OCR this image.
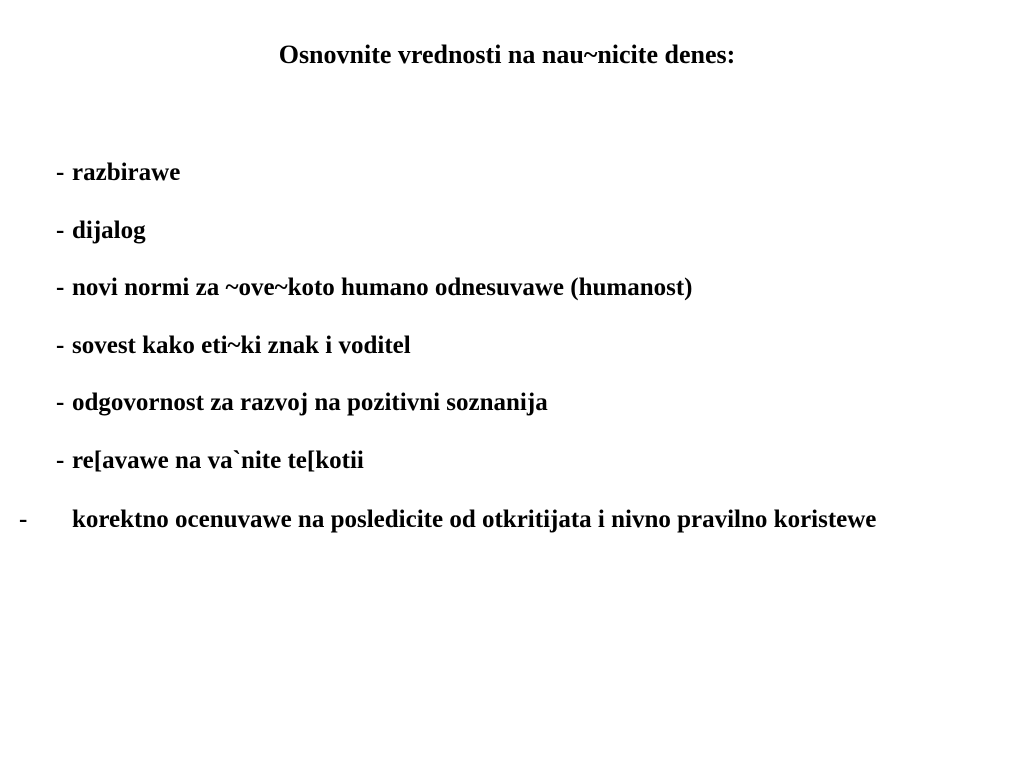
Osnovnite vrednosti na nau~nicite denes:
- razbirawe
- dijalog
- novi normi za ~ove~koto humano odnesuvawe (humanost)
- sovest kako eti~ki znak i voditel
- odgovornost za razvoj na pozitivni soznanija
- re[avawe na va`nite te[kotii
- korektno ocenuvawe na posledicite od otkritijata i nivno pravilno koristewe
